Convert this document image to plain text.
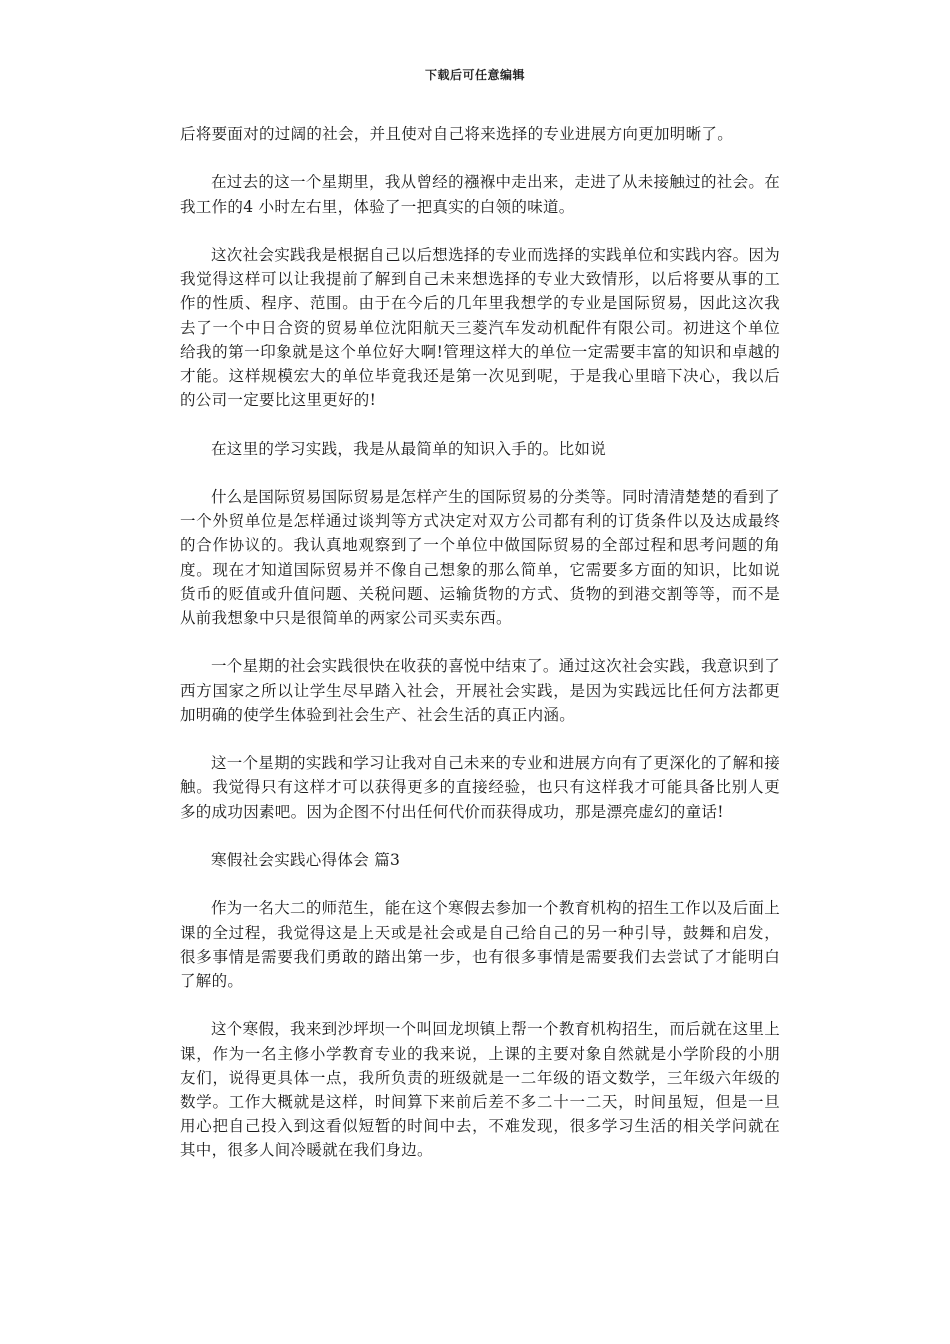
下载后可任意编辑

后将要面对的过阔的社会，并且使对自己将来选择的专业进展方向更加明晰了。

在过去的这一个星期里，我从曾经的襁褓中走出来，走进了从未接触过的社会。在我工作的4 小时左右里，体验了一把真实的白领的味道。

这次社会实践我是根据自己以后想选择的专业而选择的实践单位和实践内容。因为我觉得这样可以让我提前了解到自己未来想选择的专业大致情形，以后将要从事的工作的性质、程序、范围。由于在今后的几年里我想学的专业是国际贸易，因此这次我去了一个中日合资的贸易单位沈阳航天三菱汽车发动机配件有限公司。初进这个单位给我的第一印象就是这个单位好大啊!管理这样大的单位一定需要丰富的知识和卓越的才能。这样规模宏大的单位毕竟我还是第一次见到呢，于是我心里暗下决心，我以后的公司一定要比这里更好的!

在这里的学习实践，我是从最简单的知识入手的。比如说

什么是国际贸易国际贸易是怎样产生的国际贸易的分类等。同时清清楚楚的看到了一个外贸单位是怎样通过谈判等方式决定对双方公司都有利的订货条件以及达成最终的合作协议的。我认真地观察到了一个单位中做国际贸易的全部过程和思考问题的角度。现在才知道国际贸易并不像自己想象的那么简单，它需要多方面的知识，比如说货币的贬值或升值问题、关税问题、运输货物的方式、货物的到港交割等等，而不是从前我想象中只是很简单的两家公司买卖东西。

一个星期的社会实践很快在收获的喜悦中结束了。通过这次社会实践，我意识到了西方国家之所以让学生尽早踏入社会，开展社会实践，是因为实践远比任何方法都更加明确的使学生体验到社会生产、社会生活的真正内涵。

这一个星期的实践和学习让我对自己未来的专业和进展方向有了更深化的了解和接触。我觉得只有这样才可以获得更多的直接经验，也只有这样我才可能具备比别人更多的成功因素吧。因为企图不付出任何代价而获得成功，那是漂亮虚幻的童话!

寒假社会实践心得体会 篇3

作为一名大二的师范生，能在这个寒假去参加一个教育机构的招生工作以及后面上课的全过程，我觉得这是上天或是社会或是自己给自己的另一种引导，鼓舞和启发，很多事情是需要我们勇敢的踏出第一步，也有很多事情是需要我们去尝试了才能明白了解的。

这个寒假，我来到沙坪坝一个叫回龙坝镇上帮一个教育机构招生，而后就在这里上课，作为一名主修小学教育专业的我来说，上课的主要对象自然就是小学阶段的小朋友们，说得更具体一点，我所负责的班级就是一二年级的语文数学，三年级六年级的数学。工作大概就是这样，时间算下来前后差不多二十一二天，时间虽短，但是一旦用心把自己投入到这看似短暂的时间中去，不难发现，很多学习生活的相关学问就在其中，很多人间冷暖就在我们身边。
